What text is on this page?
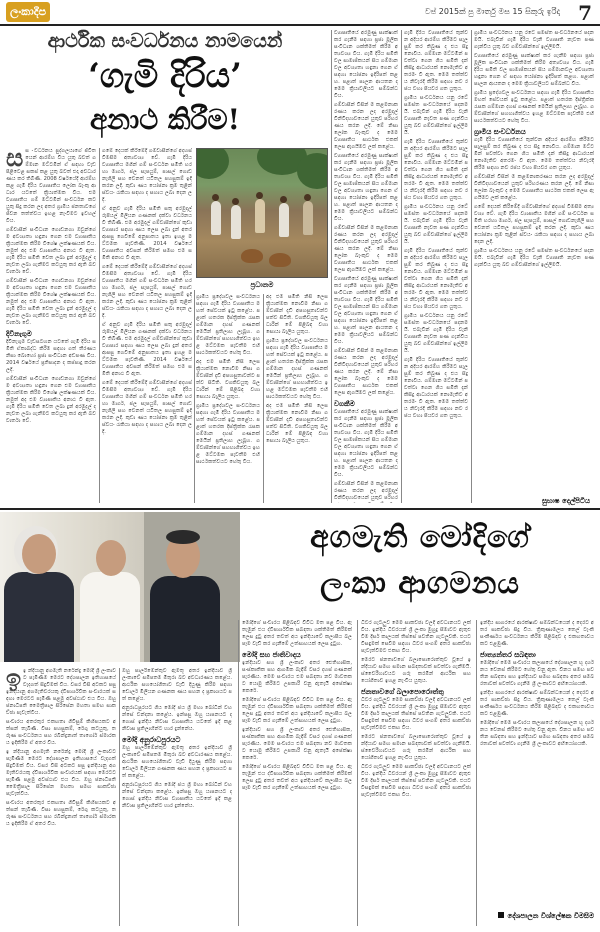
ලංකාදීප	වප් 2015ක් පු මාර්තු මස 15 සිකුරු ඉරිදා 7
ආර්ථික සංවර්ධනය නාමයෙන්
‘ගැමි දිරිය’
අනාථ කිරීම!

සස ංවර්ධනය පුද්ගලයාගේ ජීවිතයෙන් ආරම්භ විය යුතු බවත් ගම්මාන මට්ටමින් ඒ සඳහා වැඩපිළිවෙළ සකස් කළ යුතු බවත් එදා අවධාරණය කර තිබිණි. 2008 වර්ෂයේදී ආරම්භ කළ ගැමි දිරිය ව්‍යාපෘතිය ලෝක බැංකු ආධාර යටතේ ක්‍රියාත්මක විය. එම ව්‍යාපෘතිය ගම් මට්ටමින් සංවර්ධන කටයුතු සිදු කරන ලද අතර ග්‍රාමීය ජනතාවගේ ජීවන තත්ත්වය ඉහළ නැංවීමට ඉවහල් විය.

ගම්වාසීන් සංවිධාන ගොඩනගා ඔවුන්ගේ ම අවශ්‍යතා හඳුනා ගෙන එම ව්‍යාපෘතිය ක්‍රියාත්මක කිරීම විශේෂ ලක්ෂණයක් විය. නමුත් අද එම ව්‍යාපෘතිය අනාථ වී ඇත. ගැමි දිරිය සමිති වෙත ලබා දුන් අරමුදල් ද නැවත ලබා ගැනීමට කටයුතු කර ඇති බව වාර්තා වේ.

ගම්වාසීන් සංවිධාන ගොඩනගා ඔවුන්ගේ ම අවශ්‍යතා හඳුනා ගෙන එම ව්‍යාපෘතිය ක්‍රියාත්මක කිරීම විශේෂ ලක්ෂණයක් විය. නමුත් අද එම ව්‍යාපෘතිය අනාථ වී ඇත. ගැමි දිරිය සමිති වෙත ලබා දුන් අරමුදල් ද නැවත ලබා ගැනීමට කටයුතු කර ඇති බව වාර්තා වේ.

දිවිනැගුම

දිවිනැගුම වැඩසටහන යටතේ ගැමි දිරිය සමිති ඒකාබද්ධ කිරීම සඳහා ගත් තීරණය නිසා බොහෝ ප්‍රජා සංවිධාන අඩපණ විය. 2014 වර්ෂයේ ප්‍රතිපාදන ද කප්පාදු කරන ලදී.

ගම්වාසීන් සංවිධාන ගොඩනගා ඔවුන්ගේ ම අවශ්‍යතා හඳුනා ගෙන එම ව්‍යාපෘතිය ක්‍රියාත්මක කිරීම විශේෂ ලක්ෂණයක් විය. නමුත් අද එම ව්‍යාපෘතිය අනාථ වී ඇත. ගැමි දිරිය සමිති වෙත ලබා දුන් අරමුදල් ද නැවත ලබා ගැනීමට කටයුතු කර ඇති බව වාර්තා වේ.

ගමේ දෙයක් කිරීමේදී ගම්වාසීන්ගේ අදහස් විමසීම අත්‍යවශ්‍ය වේ. ගැමි දිරිය ව්‍යාපෘතිය මගින් ගම් සංවර්ධන සමිති හරහා මාර්ග, ජල සැපයුම්, පාසල් ගොඩනැගිලි සහ වෙනත් යටිතල පහසුකම් ඉදි කරන ලදී. කුඩා ණය යෝජනා ක්‍රම තුළින් ස්වයං රැකියා සඳහා ද සහාය ලබා දෙන ලදී.

ඒ අනුව ගැමි දිරිය සමිති සතු අරමුදල් රුපියල් මිලියන ගණනක් දක්වා වර්ධනය වී තිබිණි. එම අරමුදල් ගම්වාසීන්ගේ කුඩා ව්‍යාපාර සඳහා ණය ලෙස ලබා දුන් අතර ආපසු ගෙවීමේ අනුපාතය ඉතා ඉහළ මට්ටමක පැවතිණි. 2014 වර්ෂයේ ව්‍යාපෘතිය අවසන් කිරීමත් සමඟ එම සමිති අනාථ වී ඇත.

ගමේ දෙයක් කිරීමේදී ගම්වාසීන්ගේ අදහස් විමසීම අත්‍යවශ්‍ය වේ. ගැමි දිරිය ව්‍යාපෘතිය මගින් ගම් සංවර්ධන සමිති හරහා මාර්ග, ජල සැපයුම්, පාසල් ගොඩනැගිලි සහ වෙනත් යටිතල පහසුකම් ඉදි කරන ලදී. කුඩා ණය යෝජනා ක්‍රම තුළින් ස්වයං රැකියා සඳහා ද සහාය ලබා දෙන ලදී.

ඒ අනුව ගැමි දිරිය සමිති සතු අරමුදල් රුපියල් මිලියන ගණනක් දක්වා වර්ධනය වී තිබිණි. එම අරමුදල් ගම්වාසීන්ගේ කුඩා ව්‍යාපාර සඳහා ණය ලෙස ලබා දුන් අතර ආපසු ගෙවීමේ අනුපාතය ඉතා ඉහළ මට්ටමක පැවතිණි. 2014 වර්ෂයේ ව්‍යාපෘතිය අවසන් කිරීමත් සමඟ එම සමිති අනාථ වී ඇත.

ගමේ දෙයක් කිරීමේදී ගම්වාසීන්ගේ අදහස් විමසීම අත්‍යවශ්‍ය වේ. ගැමි දිරිය ව්‍යාපෘතිය මගින් ගම් සංවර්ධන සමිති හරහා මාර්ග, ජල සැපයුම්, පාසල් ගොඩනැගිලි සහ වෙනත් යටිතල පහසුකම් ඉදි කරන ලදී. කුඩා ණය යෝජනා ක්‍රම තුළින් ස්වයං රැකියා සඳහා ද සහාය ලබා දෙන ලදී.

ප්‍රධානම

ග්‍රාමීය ප්‍රදේශවල සංවර්ධනය සඳහා ගැමි දිරිය ව්‍යාපෘතිය මහත් සේවයක් ඉටු කළේය. පළාත් හතරක දිස්ත්‍රික්ක රැසක ගම්මාන දහස් ගණනක් මෙයින් ප්‍රතිලාභ ලැබූහ. ගම්වාසීන්ගේ සහභාගිත්වය ඉහළ මට්ටමක පැවතීම එහි සාර්ථකත්වයට හේතු විය.

අද එම සමිති නිසි ලෙස ක්‍රියාත්මක නොවීම නිසා ගම්වාසීන් දැඩි අපහසුතාවන්ට පත්ව සිටිති. වගකිවයුතු බලධාරීන් මේ පිළිබඳ වහා සොයා බැලිය යුතුය.

ග්‍රාමීය ප්‍රදේශවල සංවර්ධනය සඳහා ගැමි දිරිය ව්‍යාපෘතිය මහත් සේවයක් ඉටු කළේය. පළාත් හතරක දිස්ත්‍රික්ක රැසක ගම්මාන දහස් ගණනක් මෙයින් ප්‍රතිලාභ ලැබූහ. ගම්වාසීන්ගේ සහභාගිත්වය ඉහළ මට්ටමක පැවතීම එහි සාර්ථකත්වයට හේතු විය.

අද එම සමිති නිසි ලෙස ක්‍රියාත්මක නොවීම නිසා ගම්වාසීන් දැඩි අපහසුතාවන්ට පත්ව සිටිති. වගකිවයුතු බලධාරීන් මේ පිළිබඳ වහා සොයා බැලිය යුතුය.

ග්‍රාමීය ප්‍රදේශවල සංවර්ධනය සඳහා ගැමි දිරිය ව්‍යාපෘතිය මහත් සේවයක් ඉටු කළේය. පළාත් හතරක දිස්ත්‍රික්ක රැසක ගම්මාන දහස් ගණනක් මෙයින් ප්‍රතිලාභ ලැබූහ. ගම්වාසීන්ගේ සහභාගිත්වය ඉහළ මට්ටමක පැවතීම එහි සාර්ථකත්වයට හේතු විය.

අද එම සමිති නිසි ලෙස ක්‍රියාත්මක නොවීම නිසා ගම්වාසීන් දැඩි අපහසුතාවන්ට පත්ව සිටිති. වගකිවයුතු බලධාරීන් මේ පිළිබඳ වහා සොයා බැලිය යුතුය.

ව්‍යාපෘතියේ අරමුණු සාක්ෂාත් කර ගැනීම සඳහා ප්‍රජා මූලික සංවිධාන ශක්තිමත් කිරීම අත්‍යවශ්‍ය විය. ගැමි දිරිය සමිති වල සාමාජිකයන් සිය ගම්මානවල අවශ්‍යතා හඳුනා ගෙන ඒ සඳහා යෝජනා ඉදිරිපත් කළහ. පළාත් පාලන ආයතන ද මෙම ක්‍රියාවලියට සම්බන්ධ විය.

ගම්වාසීන් විසින් ම කළමනාකරණය කරන ලද අරමුදල් විනිවිදභාවයෙන් යුතුව පරිහරණය කරන ලදී. මේ නිසා ලෝක බැංකුව ද මෙම ව්‍යාපෘතිය සාර්ථක එකක් ලෙස ඇගයීමට ලක් කළේය.

ව්‍යාපෘතියේ අරමුණු සාක්ෂාත් කර ගැනීම සඳහා ප්‍රජා මූලික සංවිධාන ශක්තිමත් කිරීම අත්‍යවශ්‍ය විය. ගැමි දිරිය සමිති වල සාමාජිකයන් සිය ගම්මානවල අවශ්‍යතා හඳුනා ගෙන ඒ සඳහා යෝජනා ඉදිරිපත් කළහ. පළාත් පාලන ආයතන ද මෙම ක්‍රියාවලියට සම්බන්ධ විය.

ගම්වාසීන් විසින් ම කළමනාකරණය කරන ලද අරමුදල් විනිවිදභාවයෙන් යුතුව පරිහරණය කරන ලදී. මේ නිසා ලෝක බැංකුව ද මෙම ව්‍යාපෘතිය සාර්ථක එකක් ලෙස ඇගයීමට ලක් කළේය.

ව්‍යාපෘතියේ අරමුණු සාක්ෂාත් කර ගැනීම සඳහා ප්‍රජා මූලික සංවිධාන ශක්තිමත් කිරීම අත්‍යවශ්‍ය විය. ගැමි දිරිය සමිති වල සාමාජිකයන් සිය ගම්මානවල අවශ්‍යතා හඳුනා ගෙන ඒ සඳහා යෝජනා ඉදිරිපත් කළහ. පළාත් පාලන ආයතන ද මෙම ක්‍රියාවලියට සම්බන්ධ විය.

ගම්වාසීන් විසින් ම කළමනාකරණය කරන ලද අරමුදල් විනිවිදභාවයෙන් යුතුව පරිහරණය කරන ලදී. මේ නිසා ලෝක බැංකුව ද මෙම ව්‍යාපෘතිය සාර්ථක එකක් ලෙස ඇගයීමට ලක් කළේය.

වගකීම

ව්‍යාපෘතියේ අරමුණු සාක්ෂාත් කර ගැනීම සඳහා ප්‍රජා මූලික සංවිධාන ශක්තිමත් කිරීම අත්‍යවශ්‍ය විය. ගැමි දිරිය සමිති වල සාමාජිකයන් සිය ගම්මානවල අවශ්‍යතා හඳුනා ගෙන ඒ සඳහා යෝජනා ඉදිරිපත් කළහ. පළාත් පාලන ආයතන ද මෙම ක්‍රියාවලියට සම්බන්ධ විය.

ගම්වාසීන් විසින් ම කළමනාකරණය කරන ලද අරමුදල් විනිවිදභාවයෙන් යුතුව පරිහර

ගැමි දිරිය ව්‍යාපෘතියේ තුන්වන අදියර ආරම්භ කිරීමට සැලසුම් කර තිබුණ ද එය සිදු නොවීය. ගම්මාන මට්ටමින් පවත්වා ගෙන ගිය සමිති දැන් කිසිදු ආධාරයක් නොමැතිව අතරමං වී ඇත. මෙම තත්ත්වය නිවැරදි කිරීම සඳහා නව රජය වහා පියවර ගත යුතුය.

ග්‍රාමීය සංවර්ධනය යනු රටේ සමස්ත සංවර්ධනයේ පදනමයි. එබැවින් ගැමි දිරිය වැනි ව්‍යාපෘති නැවත පණ ගැන්විය යුතු බව ගම්වාසීන්ගේ ඉල්ලීමයි.

ගැමි දිරිය ව්‍යාපෘතියේ තුන්වන අදියර ආරම්භ කිරීමට සැලසුම් කර තිබුණ ද එය සිදු නොවීය. ගම්මාන මට්ටමින් පවත්වා ගෙන ගිය සමිති දැන් කිසිදු ආධාරයක් නොමැතිව අතරමං වී ඇත. මෙම තත්ත්වය නිවැරදි කිරීම සඳහා නව රජය වහා පියවර ගත යුතුය.

ග්‍රාමීය සංවර්ධනය යනු රටේ සමස්ත සංවර්ධනයේ පදනමයි. එබැවින් ගැමි දිරිය වැනි ව්‍යාපෘති නැවත පණ ගැන්විය යුතු බව ගම්වාසීන්ගේ ඉල්ලීමයි.

ගැමි දිරිය ව්‍යාපෘතියේ තුන්වන අදියර ආරම්භ කිරීමට සැලසුම් කර තිබුණ ද එය සිදු නොවීය. ගම්මාන මට්ටමින් පවත්වා ගෙන ගිය සමිති දැන් කිසිදු ආධාරයක් නොමැතිව අතරමං වී ඇත. මෙම තත්ත්වය නිවැරදි කිරීම සඳහා නව රජය වහා පියවර ගත යුතුය.

ග්‍රාමීය සංවර්ධනය යනු රටේ සමස්ත සංවර්ධනයේ පදනමයි. එබැවින් ගැමි දිරිය වැනි ව්‍යාපෘති නැවත පණ ගැන්විය යුතු බව ගම්වාසීන්ගේ ඉල්ලීමයි.

ගැමි දිරිය ව්‍යාපෘතියේ තුන්වන අදියර ආරම්භ කිරීමට සැලසුම් කර තිබුණ ද එය සිදු නොවීය. ගම්මාන මට්ටමින් පවත්වා ගෙන ගිය සමිති දැන් කිසිදු ආධාරයක් නොමැතිව අතරමං වී ඇත. මෙම තත්ත්වය නිවැරදි කිරීම සඳහා නව රජය වහා පියවර ගත යුතුය.

ග්‍රාමීය සංවර්ධනය යනු රටේ සමස්ත සංවර්ධනයේ පදනමයි. එබැවින් ගැමි දිරිය වැනි ව්‍යාපෘති නැවත පණ ගැන්විය යුතු බව ගම්වාසීන්ගේ ඉල්ලීමයි.

ව්‍යාපෘතියේ අරමුණු සාක්ෂාත් කර ගැනීම සඳහා ප්‍රජා මූලික සංවිධාන ශක්තිමත් කිරීම අත්‍යවශ්‍ය විය. ගැමි දිරිය සමිති වල සාමාජිකයන් සිය ගම්මානවල අවශ්‍යතා හඳුනා ගෙන ඒ සඳහා යෝජනා ඉදිරිපත් කළහ. පළාත් පාලන ආයතන ද මෙම ක්‍රියාවලියට සම්බන්ධ විය.

ග්‍රාමීය ප්‍රදේශවල සංවර්ධනය සඳහා ගැමි දිරිය ව්‍යාපෘතිය මහත් සේවයක් ඉටු කළේය. පළාත් හතරක දිස්ත්‍රික්ක රැසක ගම්මාන දහස් ගණනක් මෙයින් ප්‍රතිලාභ ලැබූහ. ගම්වාසීන්ගේ සහභාගිත්වය ඉහළ මට්ටමක පැවතීම එහි සාර්ථකත්වයට හේතු විය.

ග්‍රාමීය සංවර්ධනය

ගැමි දිරිය ව්‍යාපෘතියේ තුන්වන අදියර ආරම්භ කිරීමට සැලසුම් කර තිබුණ ද එය සිදු නොවීය. ගම්මාන මට්ටමින් පවත්වා ගෙන ගිය සමිති දැන් කිසිදු ආධාරයක් නොමැතිව අතරමං වී ඇත. මෙම තත්ත්වය නිවැරදි කිරීම සඳහා නව රජය වහා පියවර ගත යුතුය.

ගම්වාසීන් විසින් ම කළමනාකරණය කරන ලද අරමුදල් විනිවිදභාවයෙන් යුතුව පරිහරණය කරන ලදී. මේ නිසා ලෝක බැංකුව ද මෙම ව්‍යාපෘතිය සාර්ථක එකක් ලෙස ඇගයීමට ලක් කළේය.

ගමේ දෙයක් කිරීමේදී ගම්වාසීන්ගේ අදහස් විමසීම අත්‍යවශ්‍ය වේ. ගැමි දිරිය ව්‍යාපෘතිය මගින් ගම් සංවර්ධන සමිති හරහා මාර්ග, ජල සැපයුම්, පාසල් ගොඩනැගිලි සහ වෙනත් යටිතල පහසුකම් ඉදි කරන ලදී. කුඩා ණය යෝජනා ක්‍රම තුළින් ස්වයං රැකියා සඳහා ද සහාය ලබා දෙන ලදී.

ග්‍රාමීය සංවර්ධනය යනු රටේ සමස්ත සංවර්ධනයේ පදනමයි. එබැවින් ගැමි දිරිය වැනි ව්‍යාපෘති නැවත පණ ගැන්විය යුතු බව ගම්වාසීන්ගේ ඉල්ලීමයි.

සුභාෂ දෙල්පිටිය
අගමැති මෝදිගේ
ලංකා ආගමනය

ඉඉ න්දියානු අගමැති නරේන්ද්‍ර මෝදි ශ්‍රී ලංකාවට පැමිණීම මෙරට දේශපාලන ඉතිහාසයේ වැදගත් සිදුවීමක් විය. වසර විසි අටකට පසු ඉන්දියානු අගමැතිවරයකු ද්විපාර්ශ්වික සංචාරයක් සඳහා මෙරටට පැමිණි පළමු අවස්ථාව එය විය. ඔහු ජනාධිපති මෛත්‍රීපාල සිරිසේන මහතා සමඟ සාකච්ඡා පැවැත්වීය.

සංචාරය අතරතුර එකඟතා ගිවිසුම් කිහිපයකට අත්සන් තැබිණි. වීසා පහසුකම්, රේගු කටයුතු, තරුණ සංවර්ධනය සහ රබීන්ද්‍රනාත් තාගෝර් ස්මාරකය ඉදිකිරීම ඒ අතර විය.

ඉ න්දියානු අගමැති නරේන්ද්‍ර මෝදි ශ්‍රී ලංකාවට පැමිණීම මෙරට දේශපාලන ඉතිහාසයේ වැදගත් සිදුවීමක් විය. වසර විසි අටකට පසු ඉන්දියානු අගමැතිවරයකු ද්විපාර්ශ්වික සංචාරයක් සඳහා මෙරටට පැමිණි පළමු අවස්ථාව එය විය. ඔහු ජනාධිපති මෛත්‍රීපාල සිරිසේන මහතා සමඟ සාකච්ඡා පැවැත්වීය.

සංචාරය අතරතුර එකඟතා ගිවිසුම් කිහිපයකට අත්සන් තැබිණි. වීසා පහසුකම්, රේගු කටයුතු, තරුණ සංවර්ධනය සහ රබීන්ද්‍රනාත් තාගෝර් ස්මාරකය ඉදිකිරීම ඒ අතර විය.

ඔහු පාර්ලිමේන්තුව ඇමතූ අතර ඉන්දියාව ශ්‍රී ලංකාවේ සමීපතම මිතුරා බව අවධාරණය කළේය. ආර්ථික සහයෝගීතාව වැඩි දියුණු කිරීම සඳහා ඩොලර් මිලියන ගණනක ණය සහන ද ප්‍රකාශයට පත් කළේය.

අනුරාධපුරයට ගිය මෝදි ජය ශ්‍රී මහා බෝධීන් වහන්සේ වන්දනා කළේය. ඉන්පසු ඔහු යාපනයට ද ගොස් ඉන්දීය නිවාස ව්‍යාපෘතිය යටතේ ඉදි කළ නිවාස ප්‍රතිලාභීන්ට භාර දුන්නේය.

මෝදි අනුරාධපුරයට

ඔහු පාර්ලිමේන්තුව ඇමතූ අතර ඉන්දියාව ශ්‍රී ලංකාවේ සමීපතම මිතුරා බව අවධාරණය කළේය. ආර්ථික සහයෝගීතාව වැඩි දියුණු කිරීම සඳහා ඩොලර් මිලියන ගණනක ණය සහන ද ප්‍රකාශයට පත් කළේය.

අනුරාධපුරයට ගිය මෝදි ජය ශ්‍රී මහා බෝධීන් වහන්සේ වන්දනා කළේය. ඉන්පසු ඔහු යාපනයට ද ගොස් ඉන්දීය නිවාස ව්‍යාපෘතිය යටතේ ඉදි කළ නිවාස ප්‍රතිලාභීන්ට භාර දුන්නේය.

මෝදිගේ සංචාරය පිළිබඳව විවිධ මත පළ විය. ඇතැමුන් එය ද්විපාර්ශ්වික සබඳතා ශක්තිමත් කිරීමක් ලෙස දුටු අතර තවත් අය ඉන්දියාවේ කලාපීය බලපෑම වැඩි කර ගැනීමේ උත්සාහයක් ලෙස දුටුහ.

මෝදි සහ ජාතිවාදය

ඉන්දියාව සහ ශ්‍රී ලංකාව අතර ඓතිහාසික, සංස්කෘතික සහ ආගමික බැඳීම් වසර දහස් ගණනක් පැරණිය. මෙම සංචාරය එම සබඳතා නව මාවතකට යොමු කිරීමට උපකාරී වනු ඇතැයි අපේක්ෂා කෙරේ.

මෝදිගේ සංචාරය පිළිබඳව විවිධ මත පළ විය. ඇතැමුන් එය ද්විපාර්ශ්වික සබඳතා ශක්තිමත් කිරීමක් ලෙස දුටු අතර තවත් අය ඉන්දියාවේ කලාපීය බලපෑම වැඩි කර ගැනීමේ උත්සාහයක් ලෙස දුටුහ.

ඉන්දියාව සහ ශ්‍රී ලංකාව අතර ඓතිහාසික, සංස්කෘතික සහ ආගමික බැඳීම් වසර දහස් ගණනක් පැරණිය. මෙම සංචාරය එම සබඳතා නව මාවතකට යොමු කිරීමට උපකාරී වනු ඇතැයි අපේක්ෂා කෙරේ.

මෝදිගේ සංචාරය පිළිබඳව විවිධ මත පළ විය. ඇතැමුන් එය ද්විපාර්ශ්වික සබඳතා ශක්තිමත් කිරීමක් ලෙස දුටු අතර තවත් අය ඉන්දියාවේ කලාපීය බලපෑම වැඩි කර ගැනීමේ උත්සාහයක් ලෙස දුටුහ.

ධීවර ගැටලුව මෙම සාකච්ඡා වලදී අවධානයට ලක් විය. ඉන්දීය ධීවරයන් ශ්‍රී ලංකා මුහුදු සීමාවට ඇතුළු වීම දීර්ඝ කාලයක් තිස්සේ පවතින ගැටලුවකි. එයට විසඳුමක් සෙවීම සඳහා ධීවර සංගම් අතර සාකච්ඡා පැවැත්වීමට එකඟ විය.

මෙරට ජනතාවගේ බලාපොරොත්තුව වූයේ ඉන්දියාව සමඟ සමාන සබඳතාවක් පවත්වා ගැනීමයි. ස්වෛරීභාවයට ගරු කරමින් ආර්ථික සහයෝගීතාව ඉහළ නැංවිය යුතුය.

ජනතාවගේ බලාපොරොත්තු

ධීවර ගැටලුව මෙම සාකච්ඡා වලදී අවධානයට ලක් විය. ඉන්දීය ධීවරයන් ශ්‍රී ලංකා මුහුදු සීමාවට ඇතුළු වීම දීර්ඝ කාලයක් තිස්සේ පවතින ගැටලුවකි. එයට විසඳුමක් සෙවීම සඳහා ධීවර සංගම් අතර සාකච්ඡා පැවැත්වීමට එකඟ විය.

මෙරට ජනතාවගේ බලාපොරොත්තුව වූයේ ඉන්දියාව සමඟ සමාන සබඳතාවක් පවත්වා ගැනීමයි. ස්වෛරීභාවයට ගරු කරමින් ආර්ථික සහයෝගීතාව ඉහළ නැංවිය යුතුය.

ධීවර ගැටලුව මෙම සාකච්ඡා වලදී අවධානයට ලක් විය. ඉන්දීය ධීවරයන් ශ්‍රී ලංකා මුහුදු සීමාවට ඇතුළු වීම දීර්ඝ කාලයක් තිස්සේ පවතින ගැටලුවකි. එයට විසඳුමක් සෙවීම සඳහා ධීවර සංගම් අතර සාකච්ඡා පැවැත්වීමට එකඟ විය.

ඉන්දීය සාගරයේ ආරක්ෂාව සම්බන්ධයෙන් ද දෙරට අතර සාකච්ඡා සිදු විය. ත්‍රිකුණාමලය තෙල් ටැංකි සංකීර්ණය සංවර්ධනය කිරීම පිළිබඳව ද එකඟතාවයකට එළඹුණි.

ජාත්‍යන්තර සබඳතා

මෝදිගේ මෙම සංචාරය කලාපයේ දේශපාලන භූ දර්ශනය වෙනස් කිරීමට හේතු වනු ඇත. චීනය සමඟ පවතින සබඳතා සහ ඉන්දියාව සමඟ සබඳතා අතර සමබරතාවක් පවත්වා ගැනීම ශ්‍රී ලංකාවට අභියෝගයකි.

ඉන්දීය සාගරයේ ආරක්ෂාව සම්බන්ධයෙන් ද දෙරට අතර සාකච්ඡා සිදු විය. ත්‍රිකුණාමලය තෙල් ටැංකි සංකීර්ණය සංවර්ධනය කිරීම පිළිබඳව ද එකඟතාවයකට එළඹුණි.

මෝදිගේ මෙම සංචාරය කලාපයේ දේශපාලන භූ දර්ශනය වෙනස් කිරීමට හේතු වනු ඇත. චීනය සමඟ පවතින සබඳතා සහ ඉන්දියාව සමඟ සබඳතා අතර සමබරතාවක් පවත්වා ගැනීම ශ්‍රී ලංකාවට අභියෝගයකි.

දේශපාලන විශ්ලේෂක විමසිම
